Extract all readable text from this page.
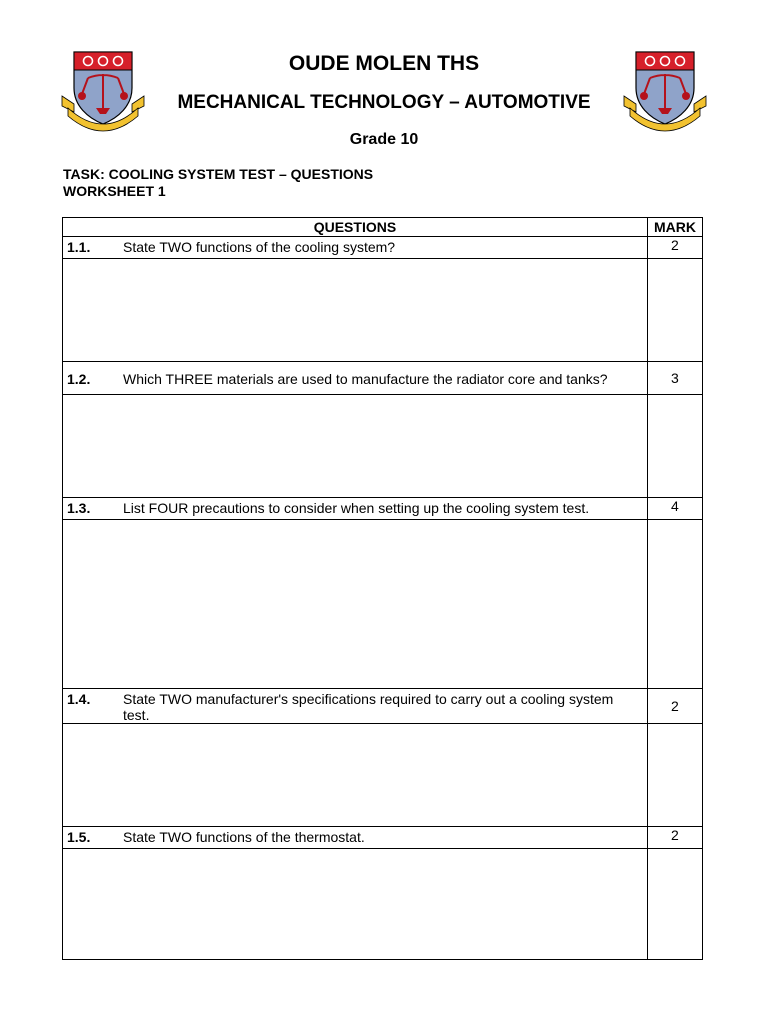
OUDE MOLEN THS
MECHANICAL TECHNOLOGY – AUTOMOTIVE
Grade 10
TASK: COOLING SYSTEM TEST – QUESTIONS
WORKSHEET 1
QUESTIONS	MARK

1.1. State TWO functions of the cooling system?	2

1.2. Which THREE materials are used to manufacture the radiator core and tanks?	3

1.3. List FOUR precautions to consider when setting up the cooling system test.	4

1.4. State TWO manufacturer's specifications required to carry out a cooling system test.	2

1.5. State TWO functions of the thermostat.	2
